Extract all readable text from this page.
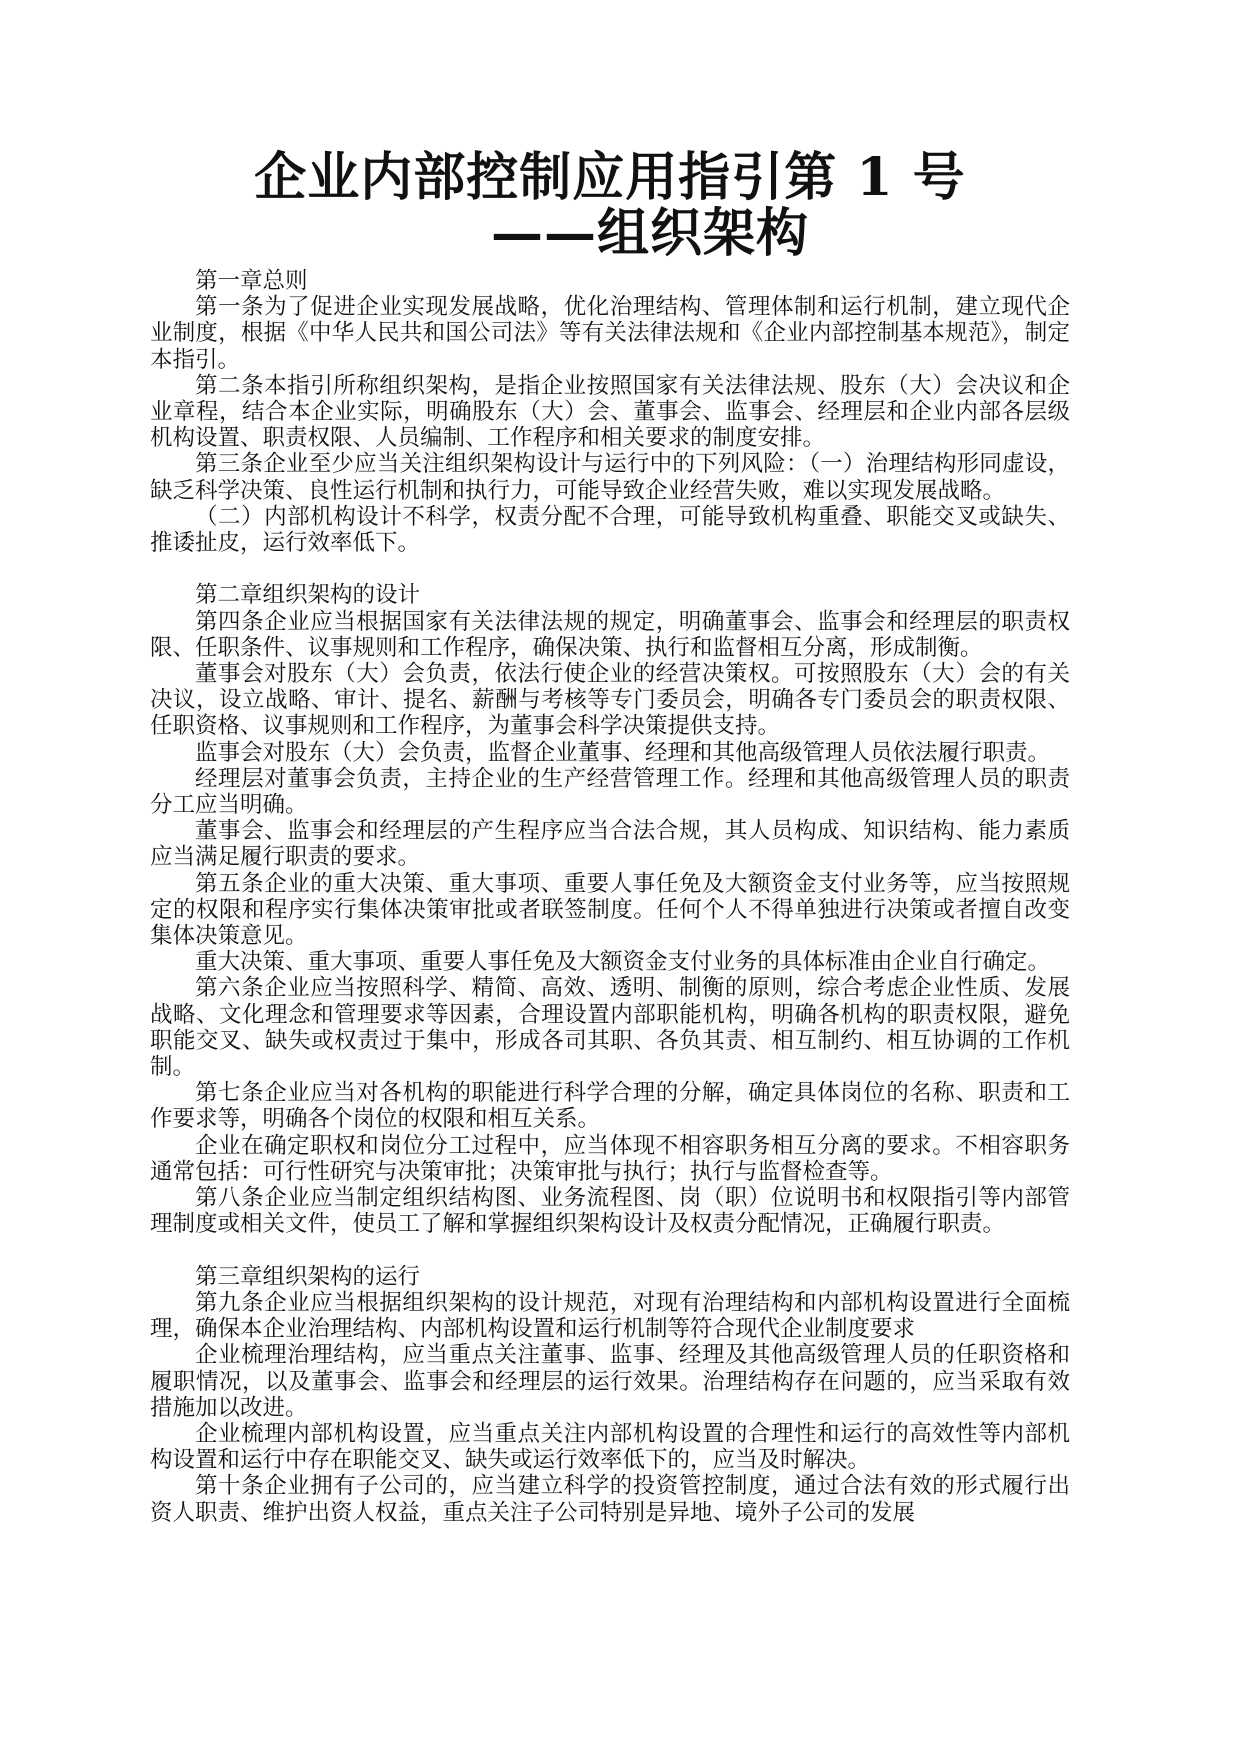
企业内部控制应用指引第 1 号
——组织架构

第一章总则

第一条为了促进企业实现发展战略，优化治理结构、管理体制和运行机制，建立现代企业制度，根据《中华人民共和国公司法》等有关法律法规和《企业内部控制基本规范》，制定本指引。

第二条本指引所称组织架构，是指企业按照国家有关法律法规、股东（大）会决议和企业章程，结合本企业实际，明确股东（大）会、董事会、监事会、经理层和企业内部各层级机构设置、职责权限、人员编制、工作程序和相关要求的制度安排。

第三条企业至少应当关注组织架构设计与运行中的下列风险：（一）治理结构形同虚设，缺乏科学决策、良性运行机制和执行力，可能导致企业经营失败，难以实现发展战略。

（二）内部机构设计不科学，权责分配不合理，可能导致机构重叠、职能交叉或缺失、推诿扯皮，运行效率低下。

第二章组织架构的设计

第四条企业应当根据国家有关法律法规的规定，明确董事会、监事会和经理层的职责权限、任职条件、议事规则和工作程序，确保决策、执行和监督相互分离，形成制衡。

董事会对股东（大）会负责，依法行使企业的经营决策权。可按照股东（大）会的有关决议，设立战略、审计、提名、薪酬与考核等专门委员会，明确各专门委员会的职责权限、任职资格、议事规则和工作程序，为董事会科学决策提供支持。

监事会对股东（大）会负责，监督企业董事、经理和其他高级管理人员依法履行职责。

经理层对董事会负责，主持企业的生产经营管理工作。经理和其他高级管理人员的职责分工应当明确。

董事会、监事会和经理层的产生程序应当合法合规，其人员构成、知识结构、能力素质应当满足履行职责的要求。

第五条企业的重大决策、重大事项、重要人事任免及大额资金支付业务等，应当按照规定的权限和程序实行集体决策审批或者联签制度。任何个人不得单独进行决策或者擅自改变集体决策意见。

重大决策、重大事项、重要人事任免及大额资金支付业务的具体标准由企业自行确定。

第六条企业应当按照科学、精简、高效、透明、制衡的原则，综合考虑企业性质、发展战略、文化理念和管理要求等因素，合理设置内部职能机构，明确各机构的职责权限，避免职能交叉、缺失或权责过于集中，形成各司其职、各负其责、相互制约、相互协调的工作机制。

第七条企业应当对各机构的职能进行科学合理的分解，确定具体岗位的名称、职责和工作要求等，明确各个岗位的权限和相互关系。

企业在确定职权和岗位分工过程中，应当体现不相容职务相互分离的要求。不相容职务通常包括：可行性研究与决策审批；决策审批与执行；执行与监督检查等。

第八条企业应当制定组织结构图、业务流程图、岗（职）位说明书和权限指引等内部管理制度或相关文件，使员工了解和掌握组织架构设计及权责分配情况，正确履行职责。

第三章组织架构的运行

第九条企业应当根据组织架构的设计规范，对现有治理结构和内部机构设置进行全面梳理，确保本企业治理结构、内部机构设置和运行机制等符合现代企业制度要求

企业梳理治理结构，应当重点关注董事、监事、经理及其他高级管理人员的任职资格和履职情况，以及董事会、监事会和经理层的运行效果。治理结构存在问题的，应当采取有效措施加以改进。

企业梳理内部机构设置，应当重点关注内部机构设置的合理性和运行的高效性等内部机构设置和运行中存在职能交叉、缺失或运行效率低下的，应当及时解决。

第十条企业拥有子公司的，应当建立科学的投资管控制度，通过合法有效的形式履行出资人职责、维护出资人权益，重点关注子公司特别是异地、境外子公司的发展
